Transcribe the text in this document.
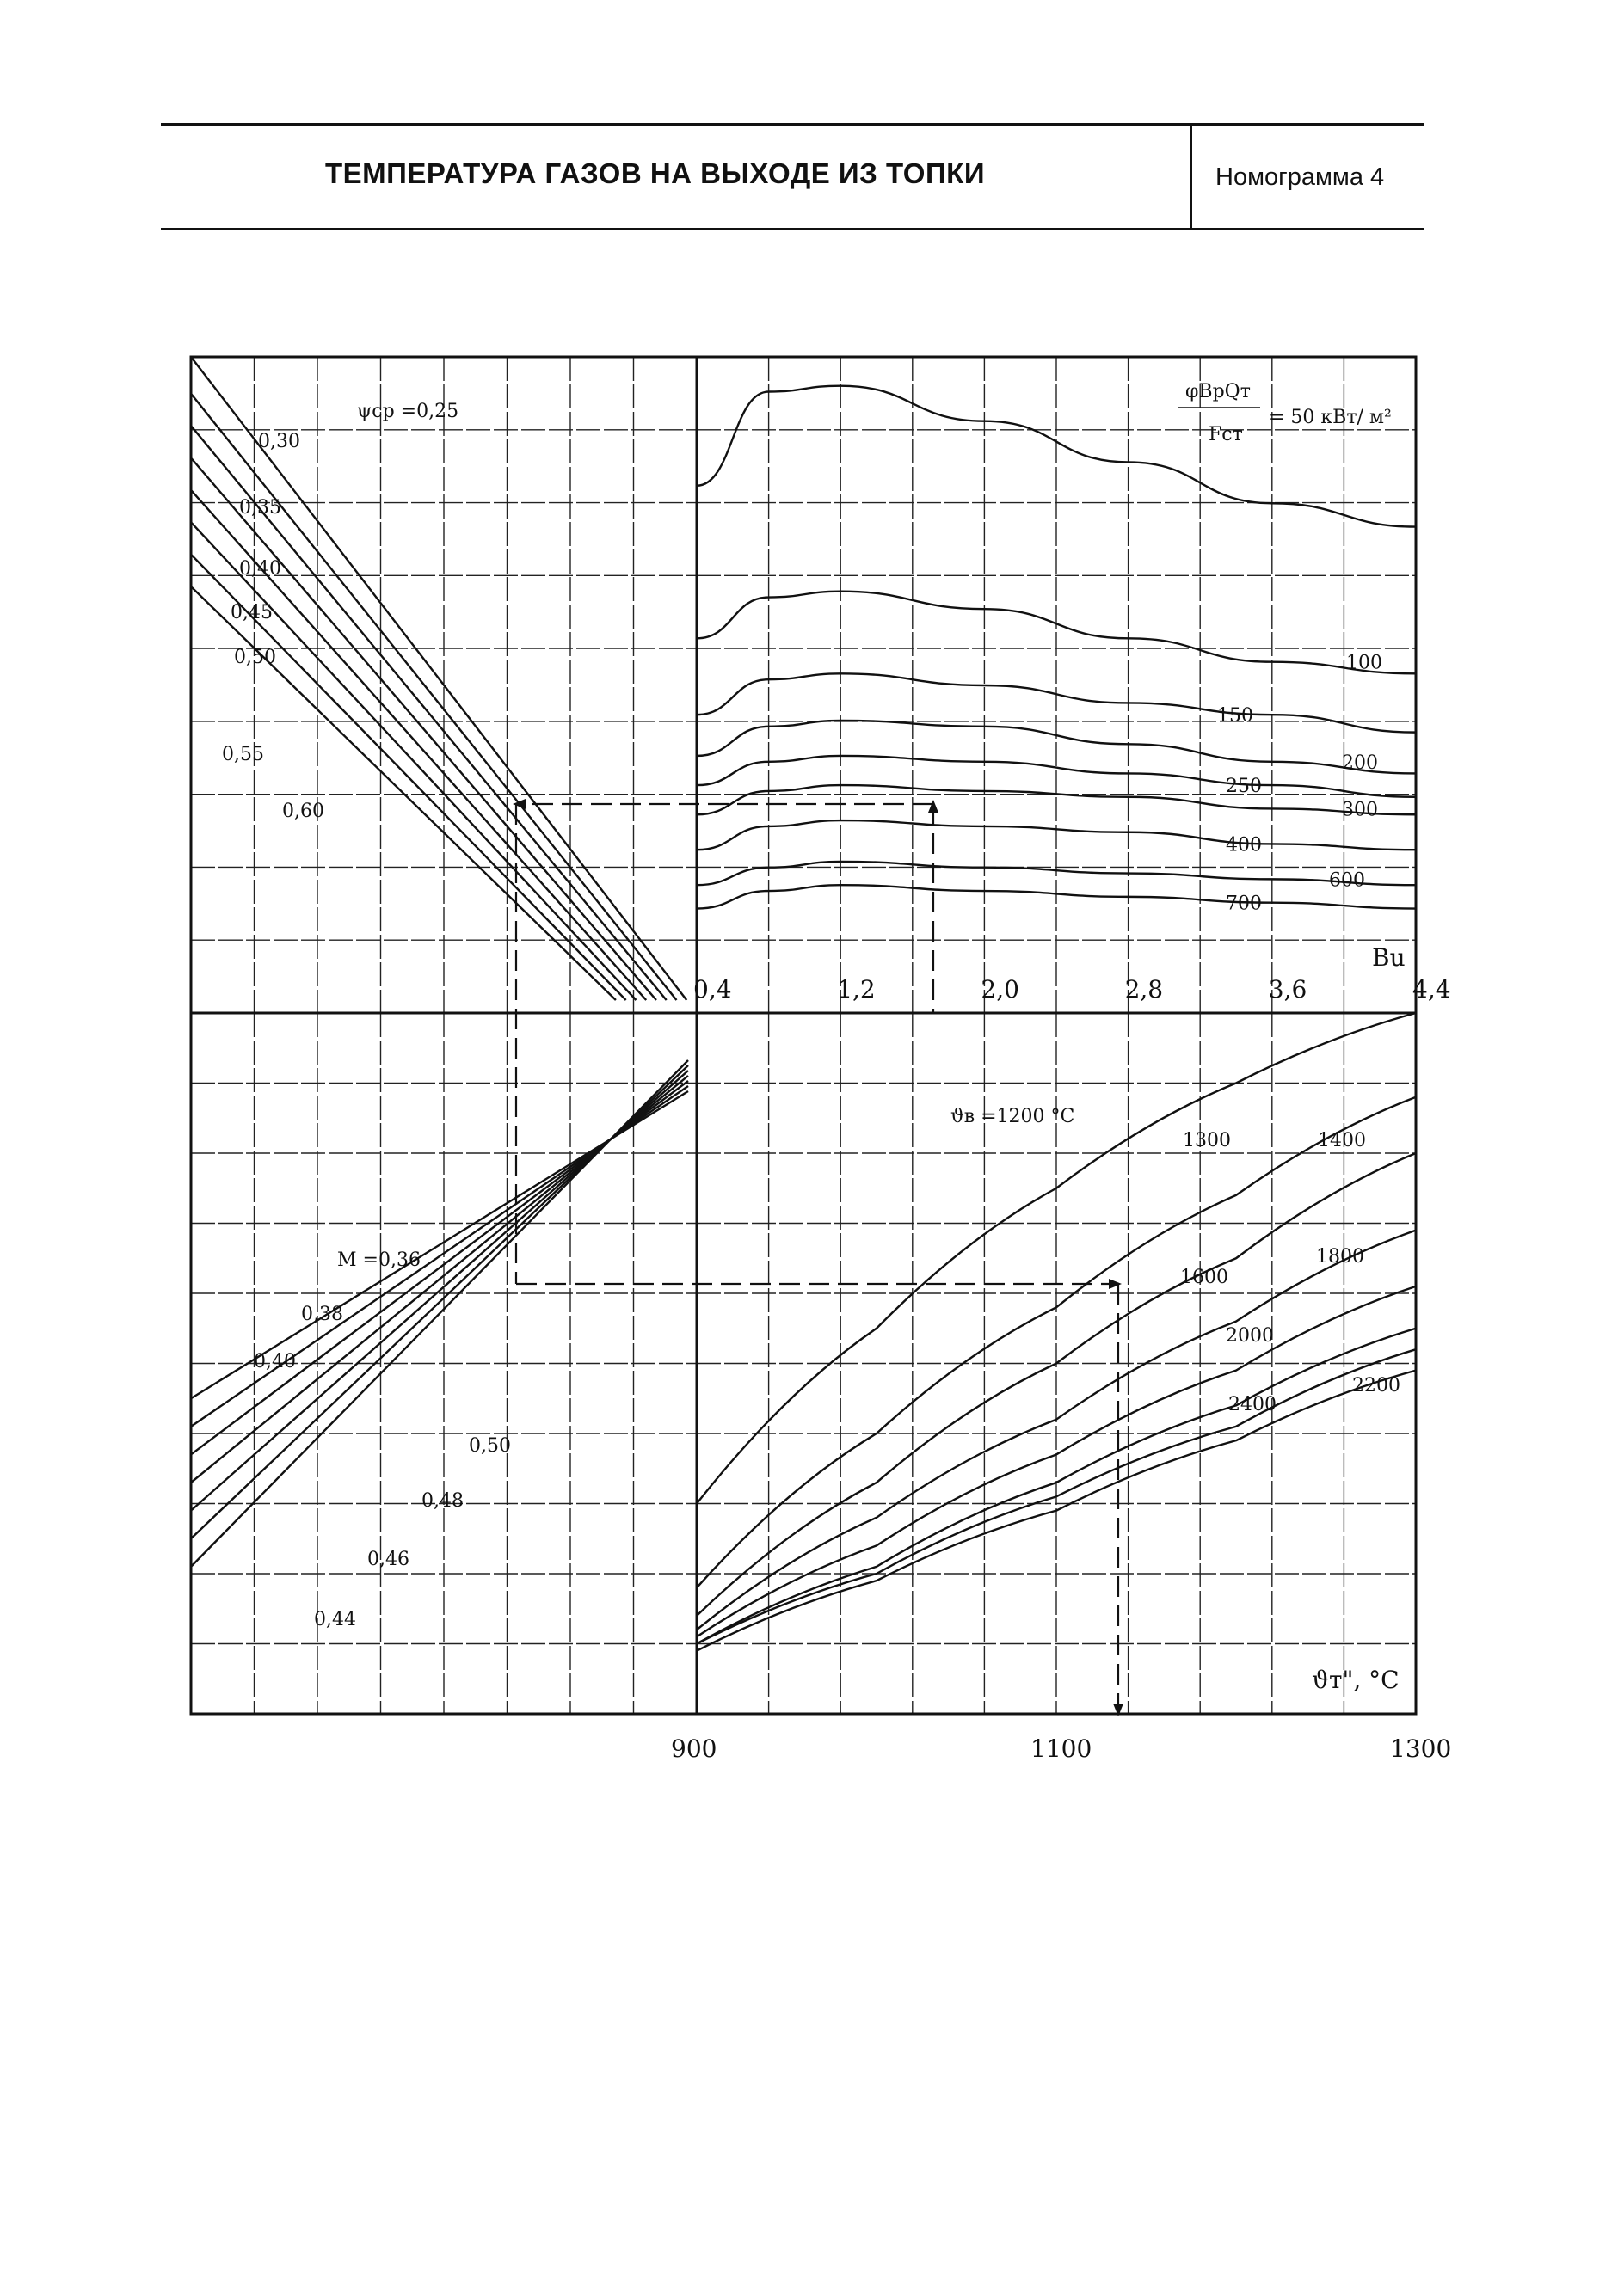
ТЕМПЕРАТУРА ГАЗОВ НА ВЫХОДЕ ИЗ ТОПКИ	Номограмма 4
ψср =0,25
0,30
0,35
0,40
0,45
0,50
0,55
0,60
100
150
200
250
300
400
600
700
0,4	1,2	2,0	2,8	3,6	4,4
Bu
φBрQт
Fст
= 50 кВт/ м²
M =0,36
0,38
0,40
0,44
0,46
0,48
0,50
ϑв =1200 °C
1300	1400
1600
1800
2000
2200
2400
900	1100	1300
ϑт", °C
